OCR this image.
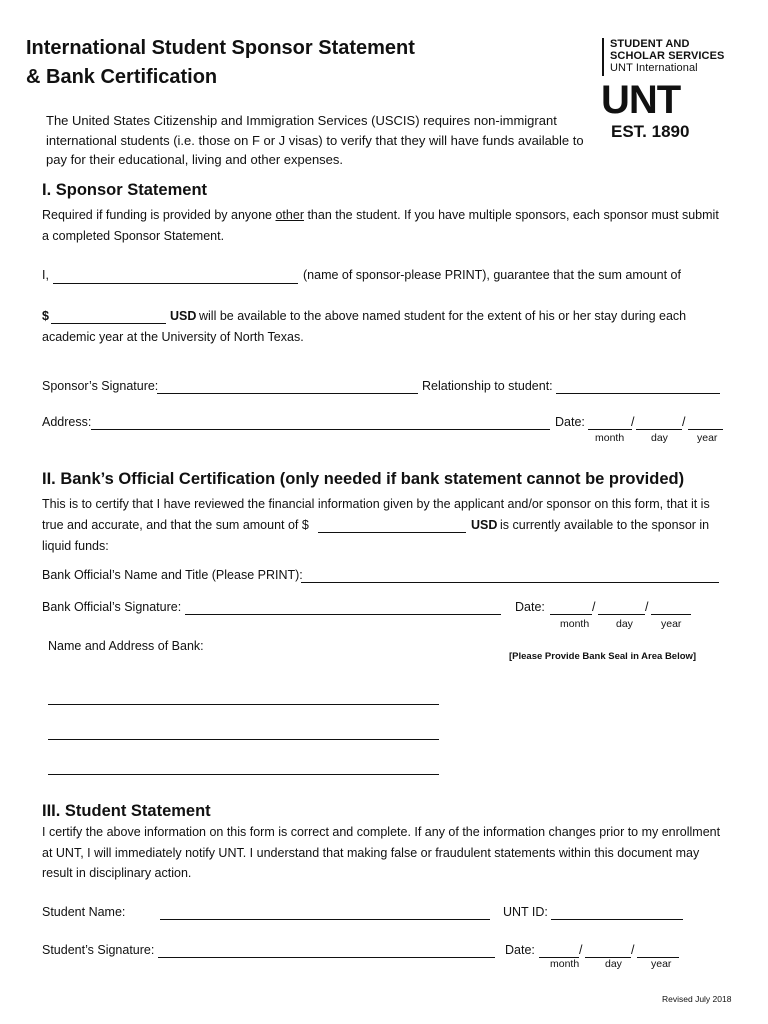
International Student Sponsor Statement
& Bank Certification
STUDENT AND
SCHOLAR SERVICES
UNT International
UNT
EST. 1890
The United States Citizenship and Immigration Services (USCIS) requires non-immigrant international students (i.e. those on F or J visas) to verify that they will have funds available to pay for their educational, living and other expenses.
I. Sponsor Statement
Required if funding is provided by anyone other than the student. If you have multiple sponsors, each sponsor must submit a completed Sponsor Statement.
I,	(name of sponsor-please PRINT), guarantee that the sum amount of
$	USD will be available to the above named student for the extent of his or her stay during each
academic year at the University of North Texas.
Sponsor’s Signature:	Relationship to student:
Address:	Date:	/	/
month	day	year
II. Bank’s Official Certification (only needed if bank statement cannot be provided)
This is to certify that I have reviewed the financial information given by the applicant and/or sponsor on this form, that it is
true and accurate, and that the sum amount of $	USD is currently available to the sponsor in
liquid funds:
Bank Official’s Name and Title (Please PRINT):
Bank Official’s Signature:	Date:	/	/
month	day	year
Name and Address of Bank:
[Please Provide Bank Seal in Area Below]
III. Student Statement
I certify the above information on this form is correct and complete. If any of the information changes prior to my enrollment at UNT, I will immediately notify UNT. I understand that making false or fraudulent statements within this document may result in disciplinary action.
Student Name:	UNT ID:
Student’s Signature:	Date:	/	/
month day	year
Revised July 2018
